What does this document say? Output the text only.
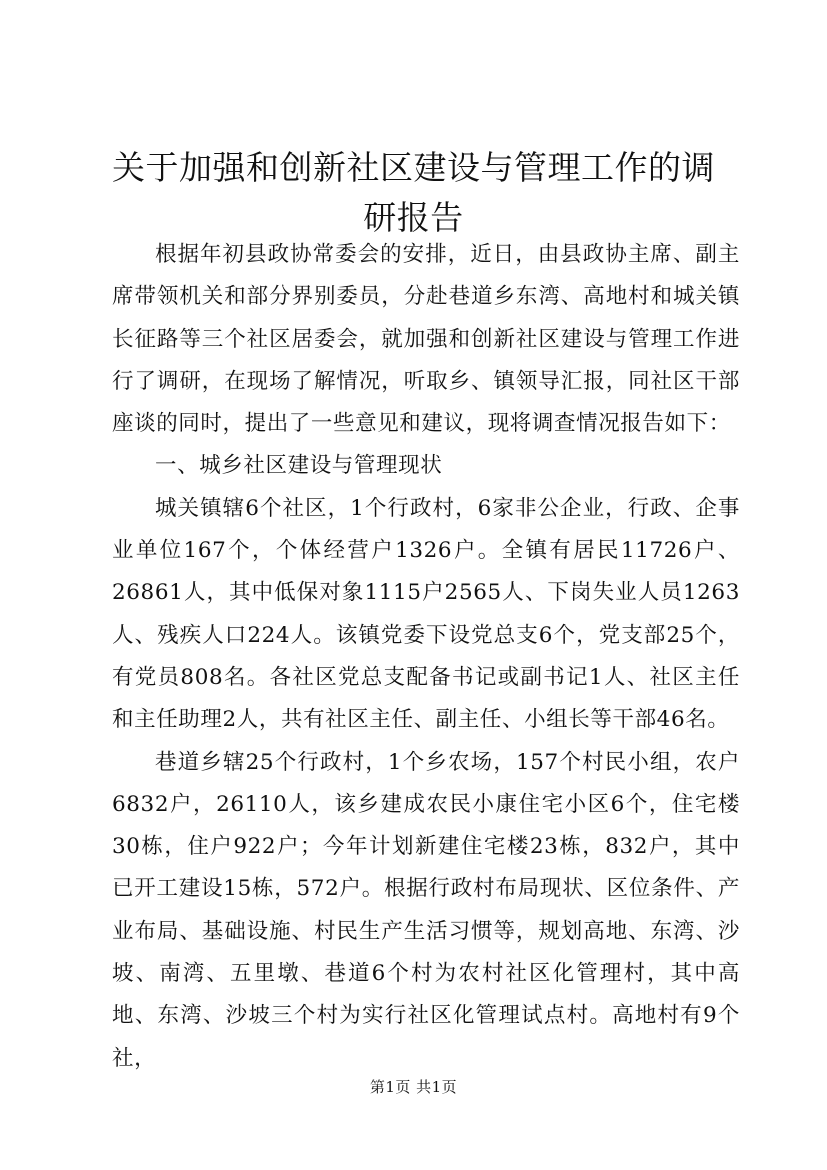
关于加强和创新社区建设与管理工作的调研报告

根据年初县政协常委会的安排，近日，由县政协主席、副主席带领机关和部分界别委员，分赴巷道乡东湾、高地村和城关镇长征路等三个社区居委会，就加强和创新社区建设与管理工作进行了调研，在现场了解情况，听取乡、镇领导汇报，同社区干部座谈的同时，提出了一些意见和建议，现将调查情况报告如下：

一、城乡社区建设与管理现状

城关镇辖6个社区，1个行政村，6家非公企业，行政、企事业单位167个，个体经营户1326户。全镇有居民11726户、26861人，其中低保对象1115户2565人、下岗失业人员1263人、残疾人口224人。该镇党委下设党总支6个，党支部25个，有党员808名。各社区党总支配备书记或副书记1人、社区主任和主任助理2人，共有社区主任、副主任、小组长等干部46名。

巷道乡辖25个行政村，1个乡农场，157个村民小组，农户6832户，26110人，该乡建成农民小康住宅小区6个，住宅楼30栋，住户922户；今年计划新建住宅楼23栋，832户，其中已开工建设15栋，572户。根据行政村布局现状、区位条件、产业布局、基础设施、村民生产生活习惯等，规划高地、东湾、沙坡、南湾、五里墩、巷道6个村为农村社区化管理村，其中高地、东湾、沙坡三个村为实行社区化管理试点村。高地村有9个社，

第1页 共1页
